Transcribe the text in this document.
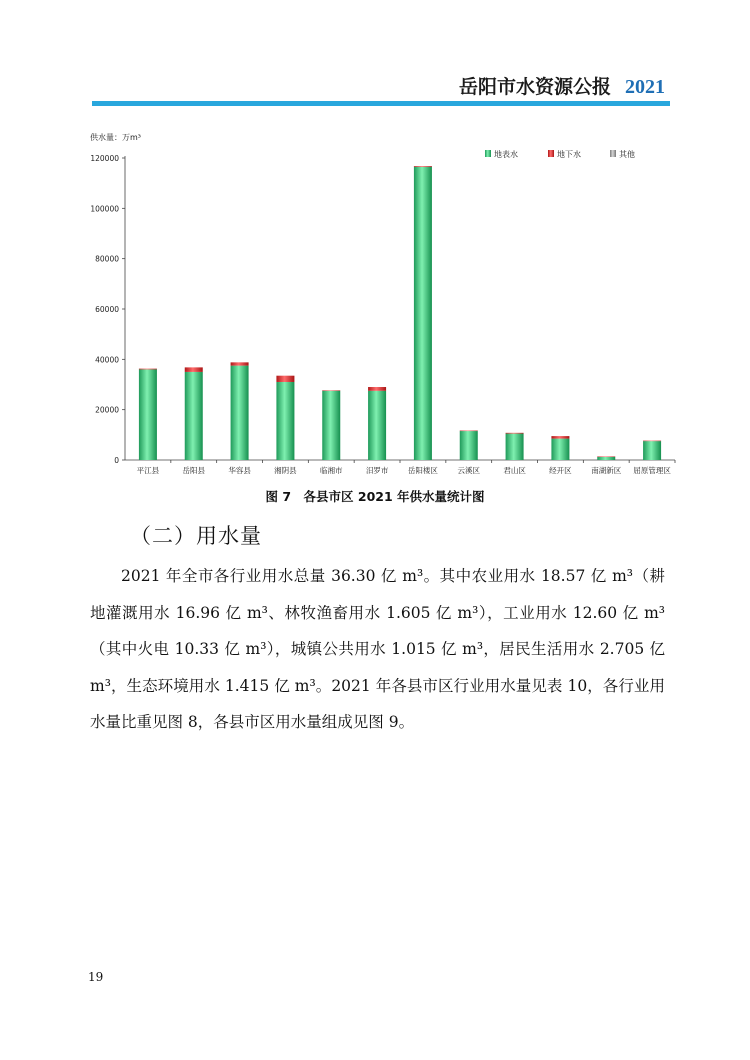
岳阳市水资源公报 2021
供水量：万m³
0
20000
40000
60000
80000
100000
120000
平江县	岳阳县	华容县	湘阴县	临湘市	汨罗市	岳阳楼区	云溪区	君山区	经开区	南湖新区 屈原管理区
地表水	地下水	其他
图 7　各县市区 2021 年供水量统计图
（二）用水量

2021 年全市各行业用水总量 36.30 亿 m³。其中农业用水 18.57 亿 m³（耕地灌溉用水 16.96 亿 m³、林牧渔畜用水 1.605 亿 m³），工业用水 12.60 亿 m³（其中火电 10.33 亿 m³），城镇公共用水 1.015 亿 m³，居民生活用水 2.705 亿 m³，生态环境用水 1.415 亿 m³。2021 年各县市区行业用水量见表 10，各行业用水量比重见图 8，各县市区用水量组成见图 9。

19
